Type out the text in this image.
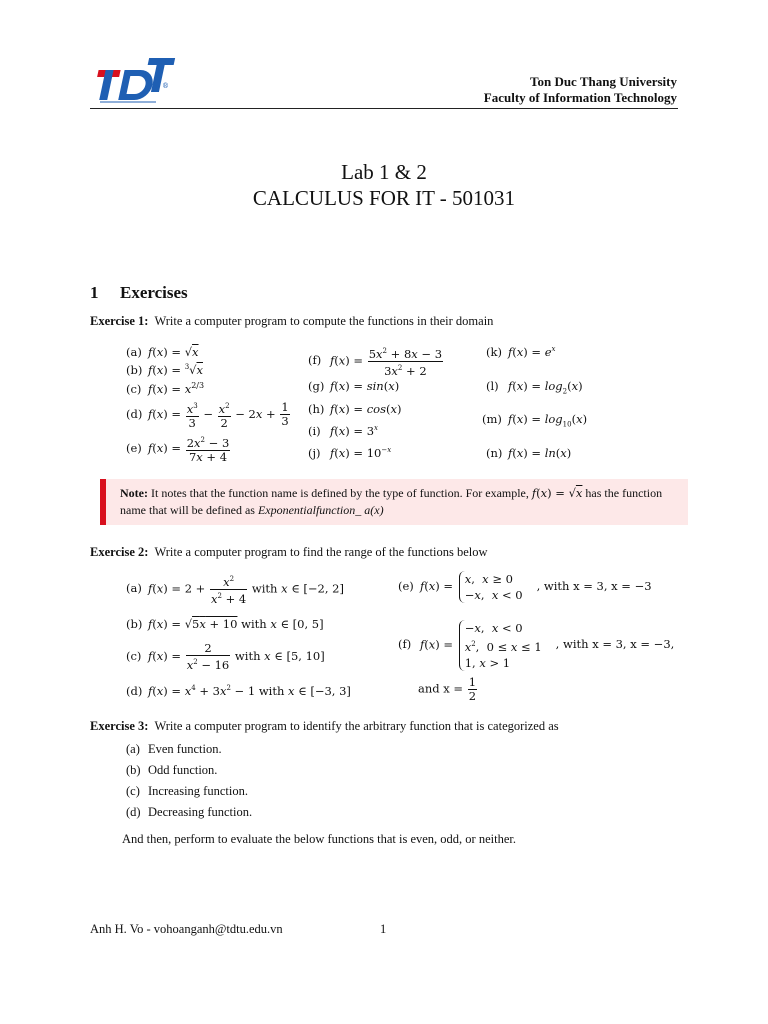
®	Ton Duc Thang University
Faculty of Information Technology
Lab 1 & 2
CALCULUS FOR IT - 501031
1 Exercises
Exercise 1: Write a computer program to compute the functions in their domain
(a) f(x) = √x
(b) f(x) = $^3$√x
(c) $f(x) = x^{2/3}$
(d) $f(x) = \frac{x^3}{3} - \frac{x^2}{2} - 2x + \frac{1}{3}$
(e) $f(x) = \frac{2x^2 - 3}{7x + 4}$
(f) $f(x) = \frac{5x^2 + 8x - 3}{3x^2 + 2}$
(g) f(x) = sin(x)
(h) f(x) = cos(x)
(i) $f(x) = 3^x$
(j) $f(x) = 10^{-x}$
(k) $f(x) = e^x$
(l) $f(x) = \log_2(x)$
(m) $f(x) = \log_{10}(x)$
(n) f(x) = ln(x)
Note: It notes that the function name is defined by the type of function. For example, f(x) = √x has the function name that will be defined as Exponentialfunction_ a(x)
Exercise 2: Write a computer program to find the range of the functions below
(a) $f(x) = 2 + \frac{x^2}{x^2 + 4}$ with x ∈ [−2, 2]
(b) f(x) = √5x + 10 with x ∈ [0, 5]
(c) $f(x) = \frac{2}{x^2 - 16}$ with x ∈ [5, 10]
(d) $f(x) = x^4 + 3x^2 - 1$ with x ∈ [−3, 3]
(e) f(x) = x,  x ≥ 0
−x,  x < 0
, with x = 3, x = −3
(f) f(x) =
−x,  x < 0
$x^2$,  0 ≤ x ≤ 1
1, x > 1
, with x = 3, x = −3,
and $x = \frac{1}{2}$
Exercise 3: Write a computer program to identify the arbitrary function that is categorized as
(a) Even function.
(b) Odd function.
(c) Increasing function.
(d) Decreasing function.
And then, perform to evaluate the below functions that is even, odd, or neither.
Anh H. Vo - vohoanganh@tdtu.edu.vn	1
